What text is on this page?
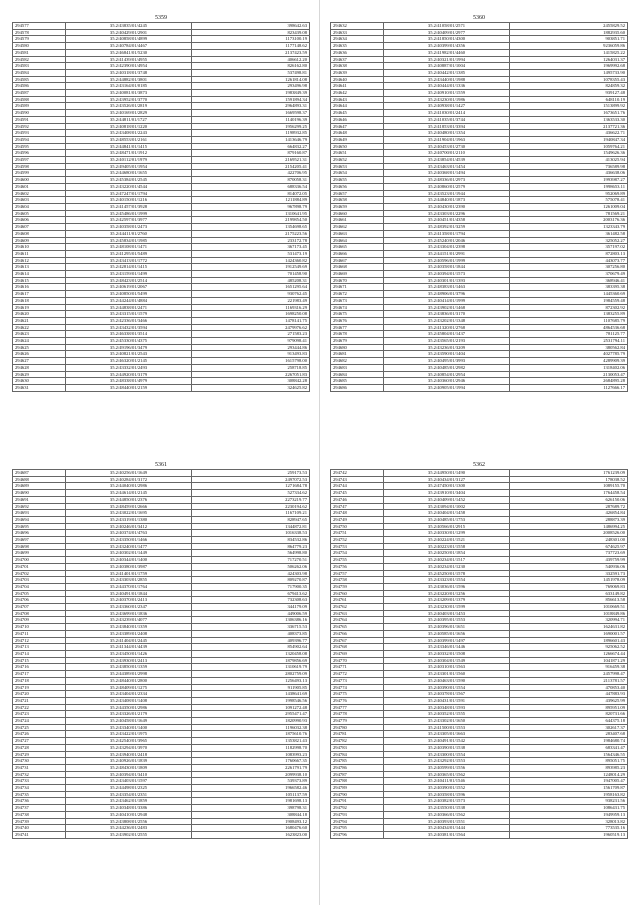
5359
294577	35.2/43835/01/4245	398642.63
294578	35.2/40429/01/2901	823439.08
294579	35.2/40858/01/4899	1173100.19
294580	35.2/40784/01/4467	1177148.62
294581	35.2/46841/01/5230	2137423.59
294582	35.2/41439/01/4955	406612.20
294583	35.2/42390/01/4954	826162.80
294584	35.2/40318/01/3748	537498.81
294585	35.2/44882/01/3801	1261814.08
294586	35.2/43164/01/0185	293496.98
294587	35.2/40081/01/3873	1983849.39
294588	35.2/43952/01/3770	1591894.34
294589	35.2/43526/01/2819	2964893.31
294590	35.2/40169/01/2829	1669598.37
294591	35.2/44811/01/1727	1140196.39
294592	35.2/40818/01/1220	1956299.25
294593	35.2/43408/01/2243	1198932.85
294594	35.2/48553/01/2161	1413646.79
294595	35.2/44841/01/1415	664832.27
294596	35.2/48471/01/1912	879160.87
294597	35.2/40112/01/1979	2169521.31
294598	35.2/49405/01/1954	2154205.41
294599	35.2/44680/01/1655	422706.95
294600	35.2/45384/01/2545	870058.31
294601	35.2/43220/01/4544	688336.54
294602	35.2/47247/01/1794	814072.05
294603	35.2/40150/01/1216	1211884.89
294604	35.2/41457/01/3928	967898.79
294605	35.2/45486/01/1999	1310641.95
294606	35.2/42597/01/3977	2199854.50
294607	35.2/40358/01/2473	1354698.65
294608	35.2/44411/01/2760	2175223.56
294609	35.2/45834/01/1985	233172.78
294610	35.2/48108/01/1471	367173.45
294611	35.2/41295/01/5489	531473.19
294612	35.2/43413/01/1772	1424360.82
294613	35.2/42814/01/1415	1912549.69
294614	35.2/43159/01/1499	701458.90
294615	35.2/48423/01/2514	485208.31
294616	35.2/40619/01/2067	1651295.64
294617	35.2/40850/01/5499	930762.45
294618	35.2/44244/01/4884	221983.49
294619	35.2/44838/01/2471	1169316.29
294620	35.2/43315/01/1579	1698250.08
294621	35.2/42336/01/3466	1478141.75
294622	35.2/43432/01/3594	2479976.62
294623	35.2/46338/01/3514	271583.23
294624	35.2/45330/01/4375	979098.41
294625	35.2/49196/01/3479	293444.86
294626	35.2/40821/01/2543	913493.83
294627	35.2/46320/01/2145	1615798.00
294628	35.2/43332/01/2493	258718.85
294629	35.2/44920/01/3179	2267051.83
294630	35.2/48338/01/4979	308842.28
294631	35.2/48440/01/2159	324625.82
5360
294632	35.2/41058/01/2571	2455829.52
294633	35.2/40409/01/2977	1882935.60
294634	35.2/41850/01/4300	903851.71
294635	35.2/40399/01/4356	9236059.86
294636	35.2/41982/01/4460	1415825.22
294637	35.2/40321/01/1994	1264031.37
294638	35.2/40887/01/1004	1969992.68
294639	35.2/40442/01/1385	1495733.90
294640	35.2/43440/01/1988	1078355.43
294641	35.2/40444/01/1336	824859.32
294642	35.2/40910/01/1559	939127.48
294643	35.2/43230/01/1986	648110.19
294644	35.2/40938/01/1427	1513899.92
294645	35.2/41030/01/2414	1673651.76
294646	35.2/41035/01/3744	1363533.30
294647	35.2/41853/01/3394	2137721.36
294648	35.2/40480/01/1354	436622.71
294649	35.2/41904/01/1963	1940847.34
294650	35.2/40453/01/2730	1059764.21
294651	35.2/40700/01/2110	1549626.36
294652	35.2/43854/01/4539	413025.94
294653	35.2/43463/01/1454	736589.98
294654	35.2/40368/01/1494	436638.06
294655	35.2/48336/01/2973	1993987.27
294656	35.2/40860/01/2579	1998653.11
294657	35.2/43523/01/1944	952069.89
294658	35.2/44840/01/1873	575078.41
294659	35.2/40430/01/2390	1261009.04
294660	35.2/43303/01/2296	781569.21
294661	35.2/40451/01/4358	2003176.36
294662	35.2/48392/01/3259	1323343.79
294663	35.2/41358/01/1794	361482.58
294664	35.2/45240/01/2046	325052.27
294665	35.2/43304/01/2398	357197.02
294666	35.2/44151/01/2991	872803.13
294667	35.2/40596/01/1999	443073.77
294668	35.2/40358/01/1844	307256.80
294669	35.2/40394/01/1573	370679.49
294670	35.2/40301/01/1393	368946.41
294671	35.2/48383/01/1463	383395.38
294672	35.2/48906/01/3796	1445360.69
294673	35.2/40414/01/1999	1984559.48
294674	35.2/43902/01/1468	872302.92
294675	35.2/43836/01/3170	1383255.89
294676	35.2/43202/01/1348	1107685.79
294677	35.2/41320/01/2768	4864536.68
294678	35.2/45804/01/1437	781125.77
294679	35.2/43565/01/2193	2531794.11
294680	35.2/43236/01/3209	380562.84
294681	35.2/43590/01/1404	4027785.79
294682	35.2/40495/01/3993	4289909.39
294683	35.2/40485/01/2982	1318402.06
294684	35.2/40854/01/2954	2130053.47
294685	35.2/40360/01/2946	2684895.28
294686	35.2/40905/01/1994	1127666.17
5361
294687	35.2/40256/01/1649	259173.53
294688	35.2/40284/01/3172	2497072.53
294689	35.2/44040/01/2986	1271684.78
294690	35.2/44614/01/2145	527334.62
294691	35.2/44850/01/2376	2273219.77
294692	35.2/48459/01/2666	2230194.62
294693	35.2/43022/01/1695	1167109.21
294694	35.2/43319/01/1380	828947.65
294695	35.2/40246/01/3412	1344872.81
294696	35.2/40374/01/4763	1016338.53
294697	35.2/43350/01/1466	834532.86
294698	35.2/43240/01/1477	864779.23
294699	35.2/40302/01/1449	564998.80
294700	35.2/40344/01/1400	717270.51
294701	35.2/40380/01/3987	506262.06
294702	35.2/41401/01/1759	424303.98
294703	35.2/43303/01/2855	809270.87
294704	35.2/44370/01/1764	717900.35
294705	35.2/40491/01/1844	679413.62
294706	35.2/40370/01/2413	732308.63
294707	35.2/43360/01/2347	344179.09
294708	35.2/43699/01/1836	449006.59
294709	35.2/43239/01/4077	1306386.16
294710	35.2/43840/01/1359	336715.53
294711	35.2/43389/01/2408	408373.85
294712	35.2/41404/01/2445	409396.77
294713	35.2/41344/01/4439	854902.64
294714	35.2/43450/01/1426	1320458.08
294715	35.2/43930/01/2413	1879856.69
294716	35.2/43850/01/1359	1310619.79
294717	35.2/44389/01/2998	2802759.09
294718	35.2/48440/01/2800	1256493.13
294719	35.2/48409/01/1275	911905.85
294720	35.2/43404/01/2334	1438641.69
294721	35.2/43408/01/1408	1998546.56
294722	35.2/44350/01/2986	1091272.48
294723	35.2/43326/01/2179	2955471.47
294724	35.2/40458/01/1649	1820990.93
294725	35.2/43340/01/1400	1196032.38
294726	35.2/43422/01/1975	1875610.76
294727	35.2/42540/01/3965	1353821.43
294728	35.2/43294/01/3970	1182998.70
294729	35.2/43940/01/2418	1083993.23
294730	35.2/40926/01/1839	1760667.35
294731	35.2/48430/01/1809	2261791.79
294732	35.2/40394/01/3410	2099938.10
294733	35.2/43403/01/1597	539373.89
294734	35.2/44498/01/2325	1966582.46
294735	35.2/43354/01/2351	1051137.59
294736	35.2/43462/01/1859	1981698.13
294737	35.2/40348/01/3386	398798.31
294738	35.2/40410/01/2948	308844.18
294739	35.2/43808/01/2556	1908493.12
294740	35.2/44236/01/2483	1680476.60
294741	35.2/43902/01/2555	1623823.00
5362
294742	35.2/44950/01/1490	1761239.09
294743	35.2/40434/01/3127	178038.52
294744	35.2/47450/01/1300	1089155.70
294745	35.2/43910/01/3404	1764458.54
294746	35.2/40409/01/1452	626150.06
294747	35.2/43094/01/1002	287689.72
294748	35.2/40404/01/1458	426854.84
294749	35.2/40485/01/1753	288873.39
294750	35.2/40566/01/2915	1486994.25
294751	35.2/40330/01/1299	2008526.00
294752	35.2/40224/01/1521	248301.00
294753	35.2/40223/01/1558	674625.97
294754	35.2/40250/01/1854	737723.69
294755	35.2/40234/01/1517	439759.99
294756	35.2/40234/01/1230	540936.06
294757	35.2/45250/01/1578	332591.73
294758	35.2/43323/01/1554	1451978.09
294759	35.2/43036/01/1596	769069.83
294760	35.2/43220/01/1256	633149.82
294761	35.2/43209/01/1379	856613.58
294762	35.2/43230/01/1599	1010669.51
294763	35.2/40403/01/1453	1018849.86
294764	35.2/40395/01/1553	320994.71
294765	35.2/40396/01/1651	1624631.82
294766	35.2/40585/01/1656	1690001.57
294767	35.2/40399/01/1497	1896601.43
294768	35.2/43346/01/1446	925062.52
294769	35.2/40332/01/1508	1266674.44
294770	35.2/40304/01/1549	1041871.29
294771	35.2/40310/01/1563	916459.38
294772	35.2/43301/01/1560	2457998.47
294773	35.2/40463/01/1590	2113781.57
294774	35.2/40390/01/1554	470853.40
294775	35.2/40378/01/1567	447883.93
294776	35.2/40431/01/1591	439625.99
294777	35.2/40348/01/1593	895951.09
294778	35.2/40352/01/1555	820731.66
294779	35.2/43302/01/1650	644375.18
294780	35.2/41500/01/1553	302617.37
294781	35.2/43305/01/1663	283407.68
294782	35.2/40491/01/1542	1984680.74
294783	35.2/40390/01/1538	683341.47
294784	35.2/43300/01/1554	1564346.55
294785	35.2/43292/01/1553	895051.75
294786	35.2/40599/01/1556	893985.23
294787	35.2/40365/01/1562	1248014.29
294788	35.2/40411/01/1546	1947005.47
294789	35.2/40390/01/1552	1561709.87
294790	35.2/40358/01/1596	1958163.82
294791	35.2/40382/01/1573	938231.56
294792	35.2/43550/01/1538	1086431.75
294793	35.2/40366/01/1562	1949959.13
294794	35.2/40393/01/1551	328013.82
294795	35.2/40434/01/1444	773535.16
294796	35.2/40381/01/1564	1960519.13
